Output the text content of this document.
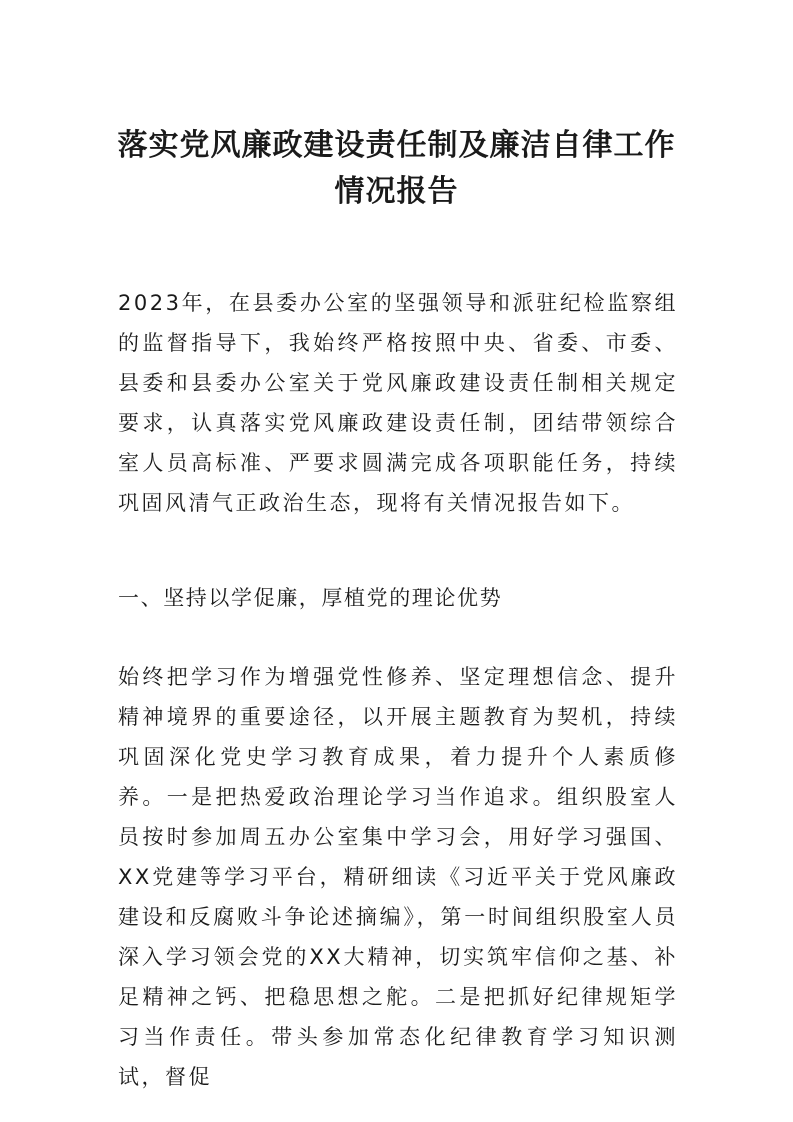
落实党风廉政建设责任制及廉洁自律工作
情况报告

2023年，在县委办公室的坚强领导和派驻纪检监察组的监督指导下，我始终严格按照中央、省委、市委、县委和县委办公室关于党风廉政建设责任制相关规定要求，认真落实党风廉政建设责任制，团结带领综合室人员高标准、严要求圆满完成各项职能任务，持续巩固风清气正政治生态，现将有关情况报告如下。

一、坚持以学促廉，厚植党的理论优势

始终把学习作为增强党性修养、坚定理想信念、提升精神境界的重要途径，以开展主题教育为契机，持续巩固深化党史学习教育成果，着力提升个人素质修养。一是把热爱政治理论学习当作追求。组织股室人员按时参加周五办公室集中学习会，用好学习强国、XX党建等学习平台，精研细读《习近平关于党风廉政建设和反腐败斗争论述摘编》，第一时间组织股室人员深入学习领会党的XX大精神，切实筑牢信仰之基、补足精神之钙、把稳思想之舵。二是把抓好纪律规矩学习当作责任。带头参加常态化纪律教育学习知识测试，督促
